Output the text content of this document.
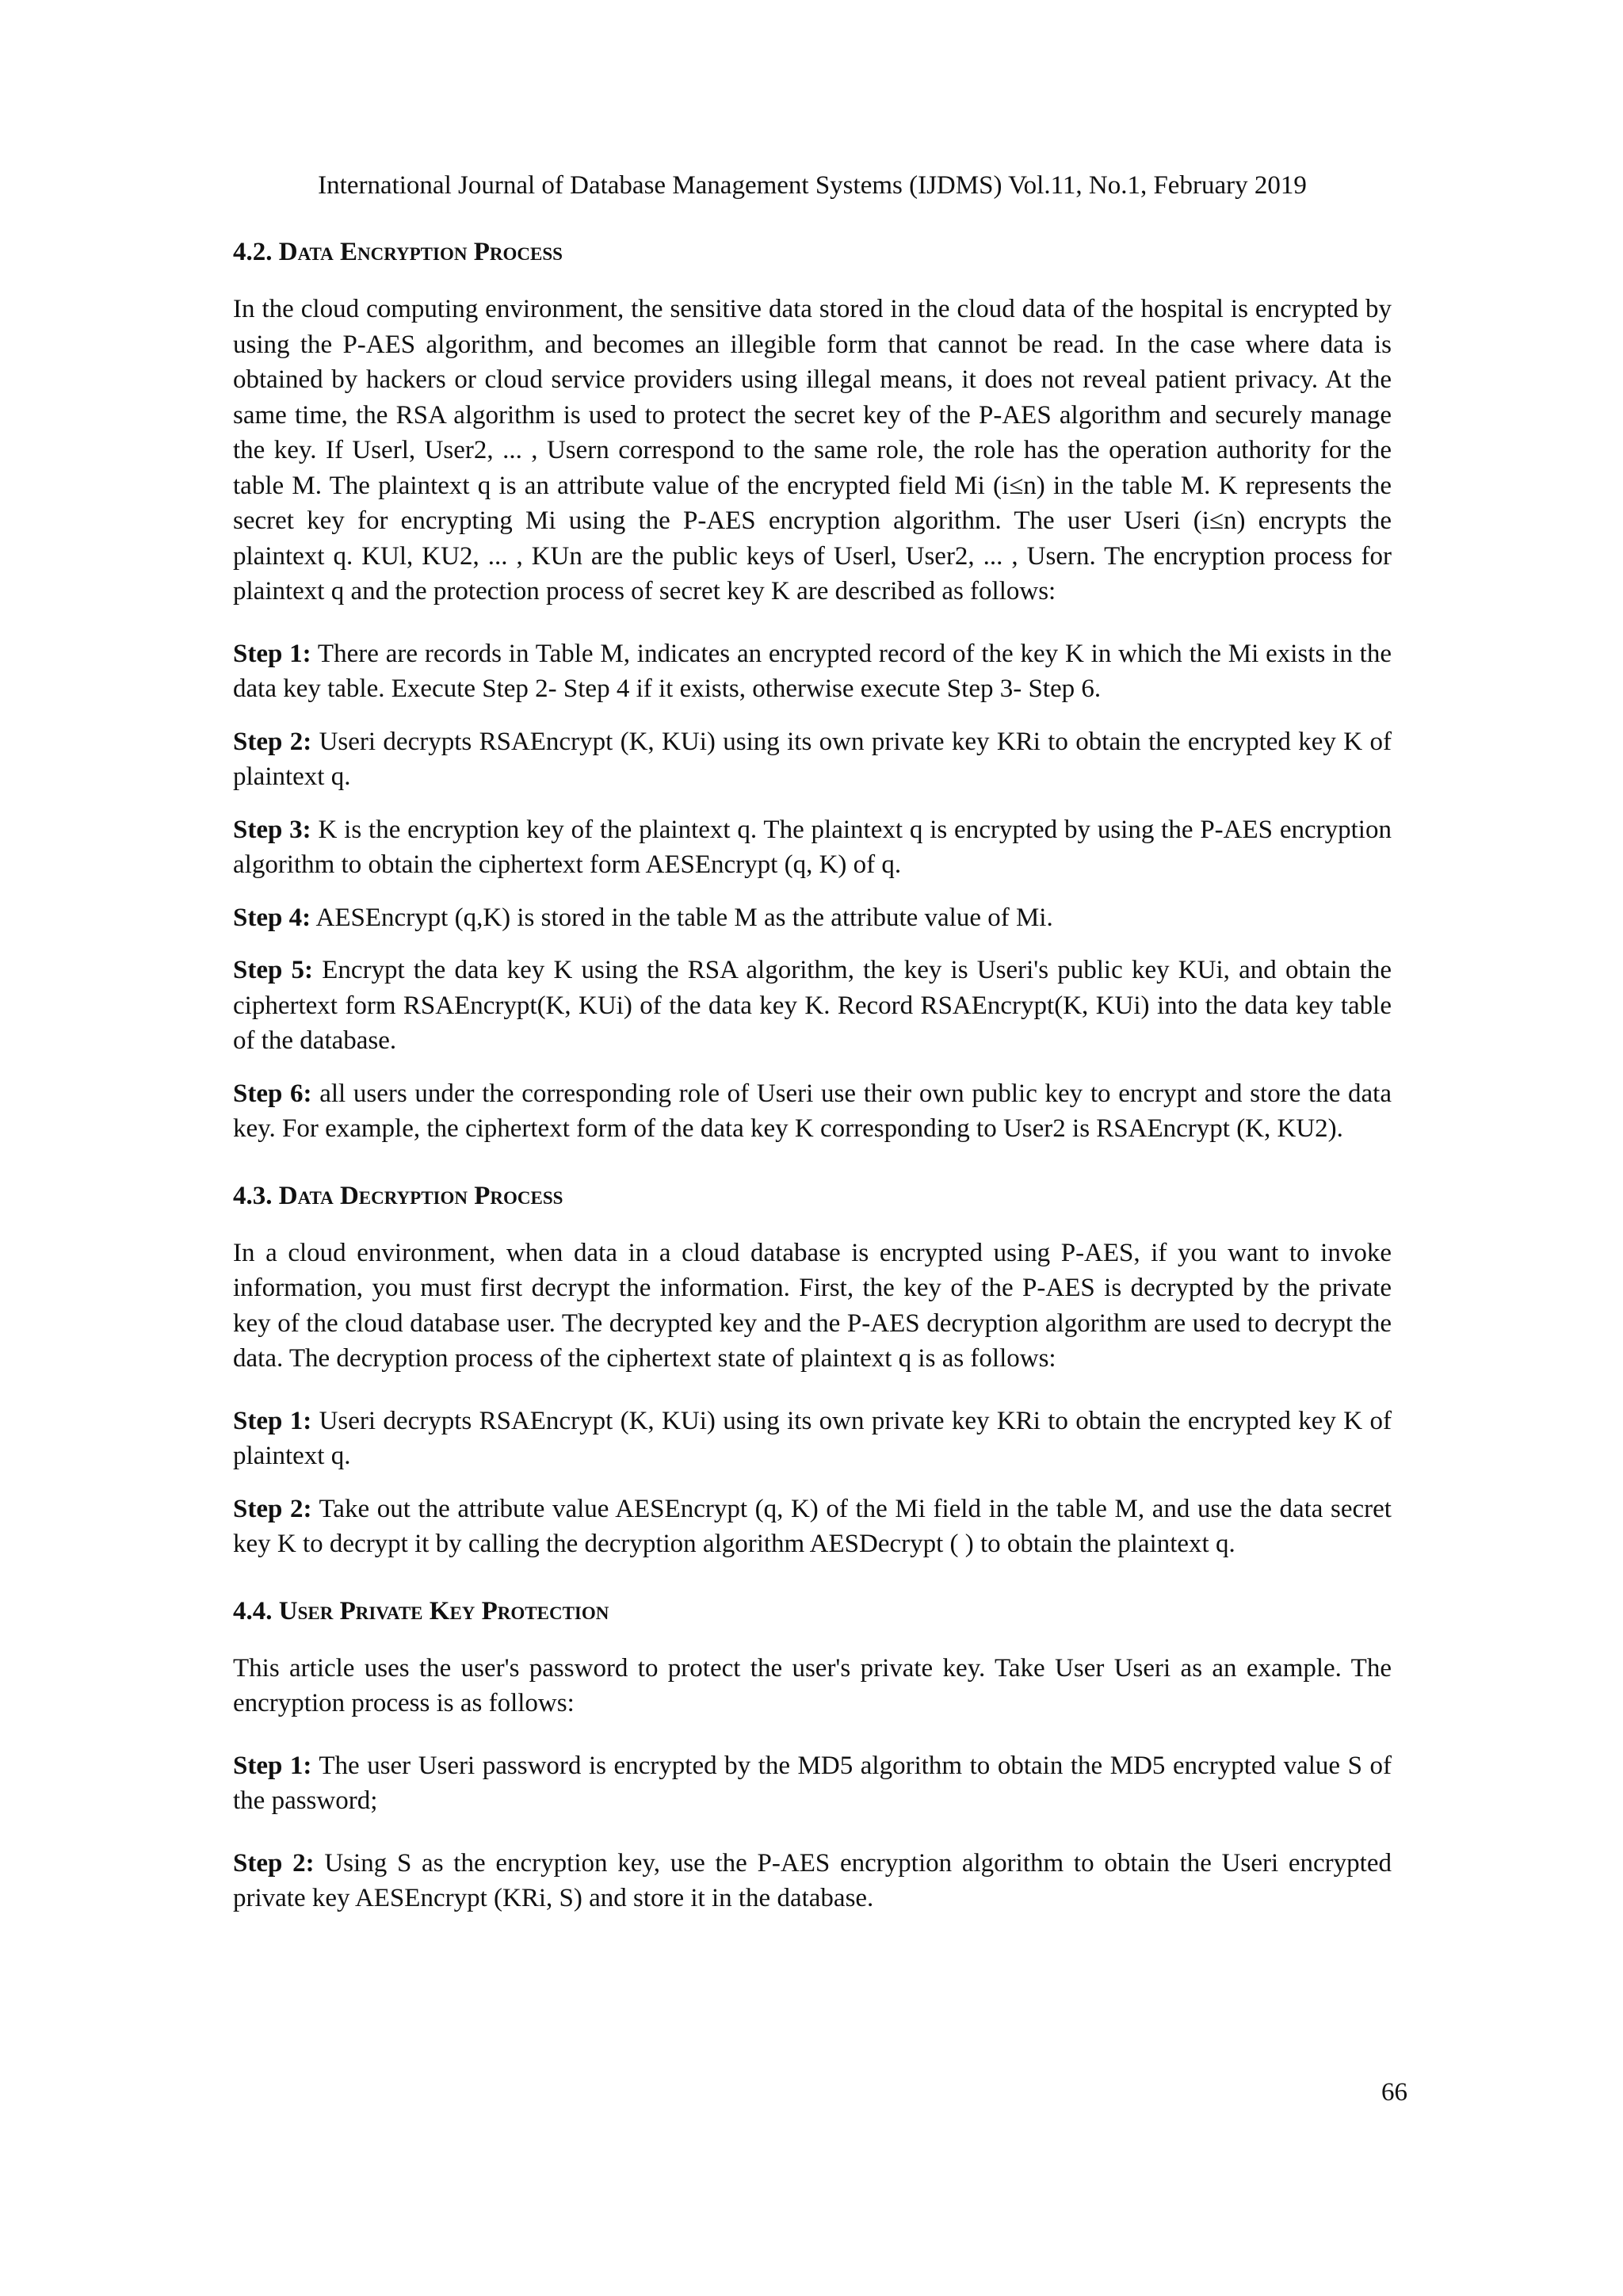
International Journal of Database Management Systems (IJDMS) Vol.11, No.1, February 2019
4.2. Data Encryption Process

In the cloud computing environment, the sensitive data stored in the cloud data of the hospital is encrypted by using the P-AES algorithm, and becomes an illegible form that cannot be read. In the case where data is obtained by hackers or cloud service providers using illegal means, it does not reveal patient privacy. At the same time, the RSA algorithm is used to protect the secret key of the P-AES algorithm and securely manage the key. If Userl, User2, ... , Usern correspond to the same role, the role has the operation authority for the table M. The plaintext q is an attribute value of the encrypted field Mi (i≤n) in the table M. K represents the secret key for encrypting Mi using the P-AES encryption algorithm. The user Useri (i≤n) encrypts the plaintext q. KUl, KU2, ... , KUn are the public keys of Userl, User2, ... , Usern. The encryption process for plaintext q and the protection process of secret key K are described as follows:

Step 1: There are records in Table M, indicates an encrypted record of the key K in which the Mi exists in the data key table. Execute Step 2- Step 4 if it exists, otherwise execute Step 3- Step 6.

Step 2: Useri decrypts RSAEncrypt (K, KUi) using its own private key KRi to obtain the encrypted key K of plaintext q.

Step 3: K is the encryption key of the plaintext q. The plaintext q is encrypted by using the P-AES encryption algorithm to obtain the ciphertext form AESEncrypt (q, K) of q.

Step 4: AESEncrypt (q,K) is stored in the table M as the attribute value of Mi.

Step 5: Encrypt the data key K using the RSA algorithm, the key is Useri's public key KUi, and obtain the ciphertext form RSAEncrypt(K, KUi) of the data key K. Record RSAEncrypt(K, KUi) into the data key table of the database.

Step 6: all users under the corresponding role of Useri use their own public key to encrypt and store the data key. For example, the ciphertext form of the data key K corresponding to User2 is RSAEncrypt (K, KU2).

4.3. Data Decryption Process

In a cloud environment, when data in a cloud database is encrypted using P-AES, if you want to invoke information, you must first decrypt the information. First, the key of the P-AES is decrypted by the private key of the cloud database user. The decrypted key and the P-AES decryption algorithm are used to decrypt the data. The decryption process of the ciphertext state of plaintext q is as follows:

Step 1: Useri decrypts RSAEncrypt (K, KUi) using its own private key KRi to obtain the encrypted key K of plaintext q.

Step 2: Take out the attribute value AESEncrypt (q, K) of the Mi field in the table M, and use the data secret key K to decrypt it by calling the decryption algorithm AESDecrypt ( ) to obtain the plaintext q.

4.4. User Private Key Protection

This article uses the user's password to protect the user's private key. Take User Useri as an example. The encryption process is as follows:

Step 1: The user Useri password is encrypted by the MD5 algorithm to obtain the MD5 encrypted value S of the password;

Step 2: Using S as the encryption key, use the P-AES encryption algorithm to obtain the Useri encrypted private key AESEncrypt (KRi, S) and store it in the database.

66
